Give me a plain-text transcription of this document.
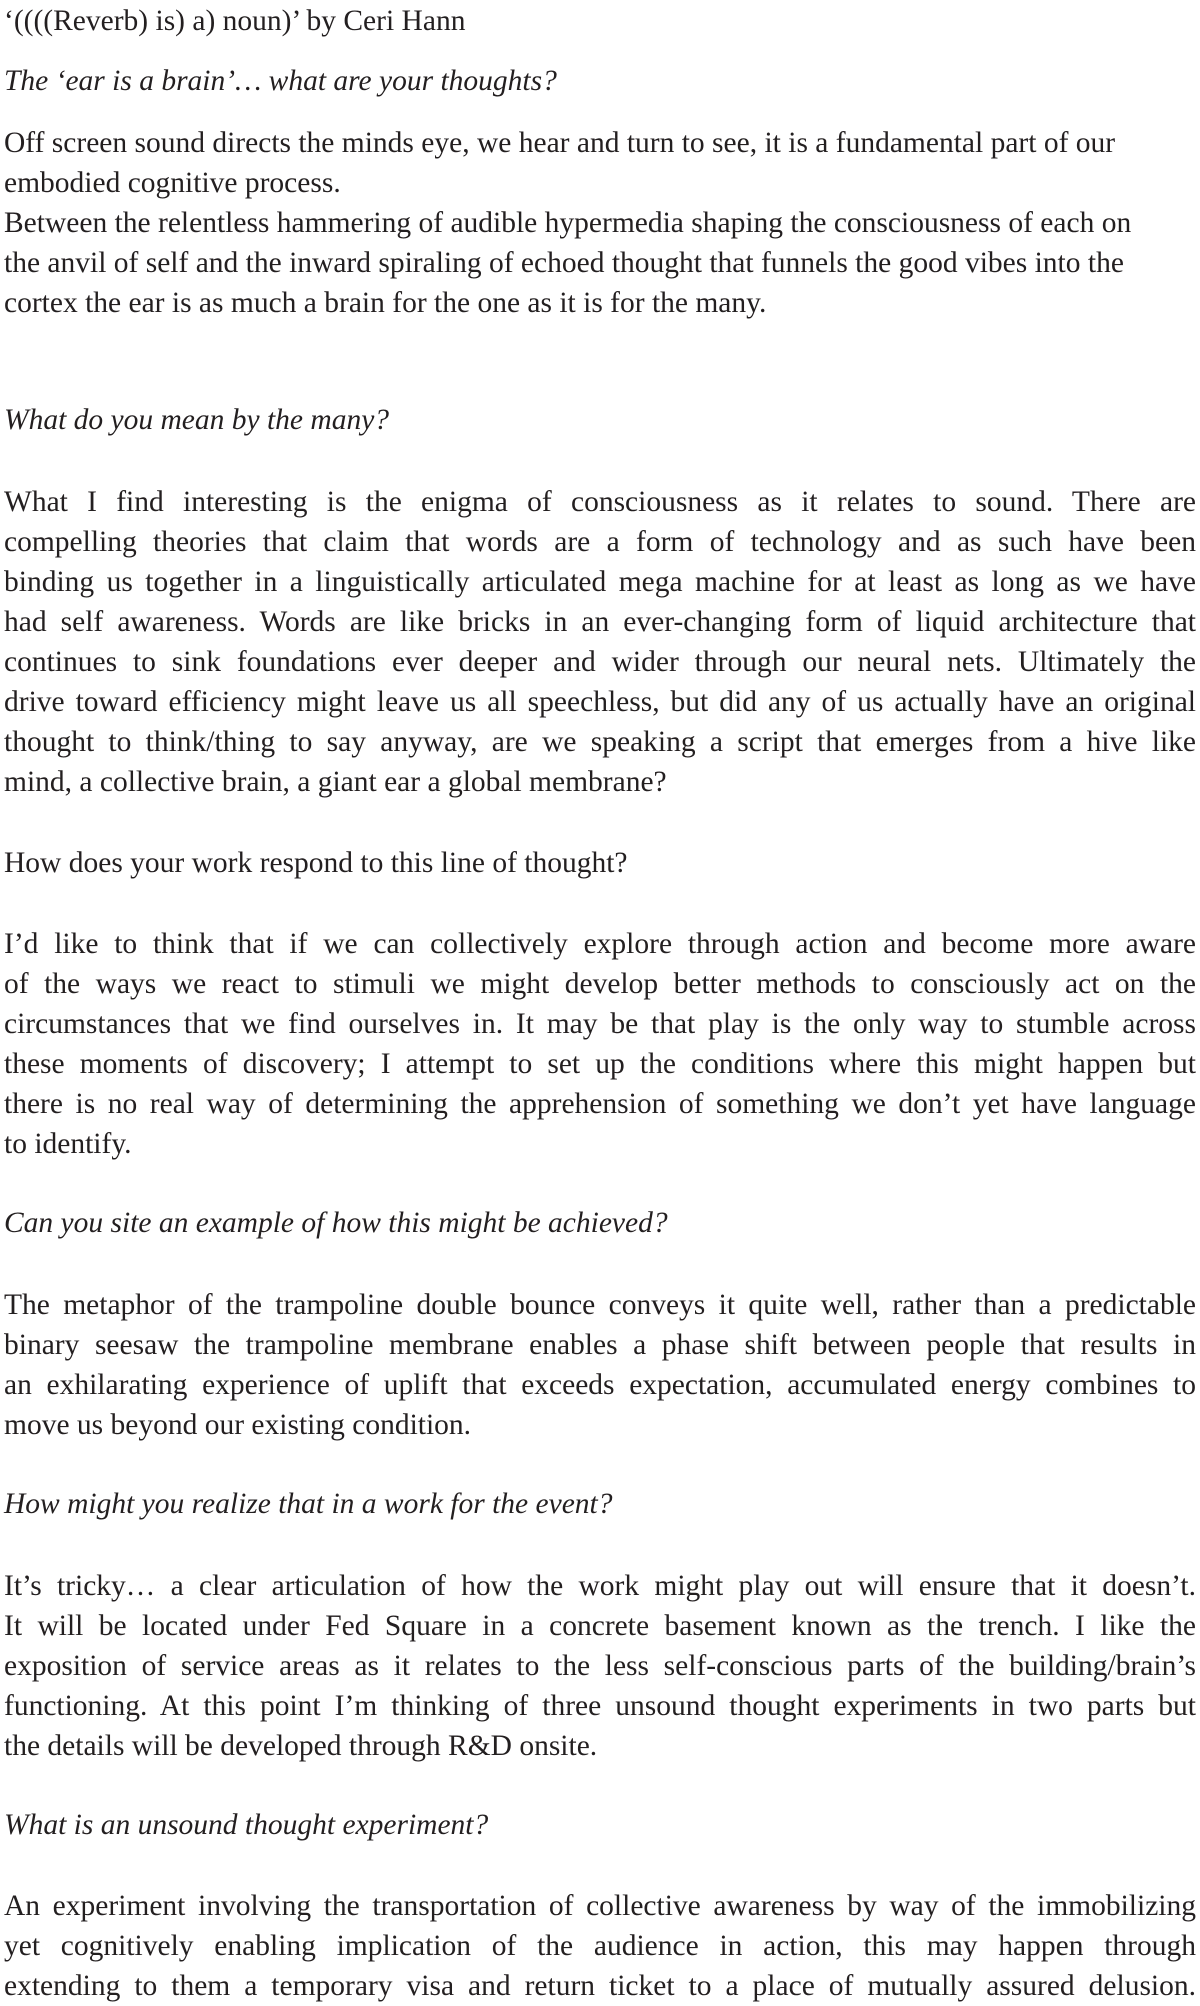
‘((((Reverb) is) a) noun)’ by Ceri Hann

The ‘ear is a brain’… what are your thoughts?

Off screen sound directs the minds eye, we hear and turn to see, it is a fundamental part of our
embodied cognitive process.
Between the relentless hammering of audible hypermedia shaping the consciousness of each on
the anvil of self and the inward spiraling of echoed thought that funnels the good vibes into the
cortex the ear is as much a brain for the one as it is for the many.

What do you mean by the many?

What I find interesting is the enigma of consciousness as it relates to sound. There are
compelling theories that claim that words are a form of technology and as such have been
binding us together in a linguistically articulated mega machine for at least as long as we have
had self awareness. Words are like bricks in an ever-changing form of liquid architecture that
continues to sink foundations ever deeper and wider through our neural nets. Ultimately the
drive toward efficiency might leave us all speechless, but did any of us actually have an original
thought to think/thing to say anyway, are we speaking a script that emerges from a hive like
mind, a collective brain, a giant ear a global membrane?

How does your work respond to this line of thought?

I’d like to think that if we can collectively explore through action and become more aware
of the ways we react to stimuli we might develop better methods to consciously act on the
circumstances that we find ourselves in. It may be that play is the only way to stumble across
these moments of discovery; I attempt to set up the conditions where this might happen but
there is no real way of determining the apprehension of something we don’t yet have language
to identify.

Can you site an example of how this might be achieved?

The metaphor of the trampoline double bounce conveys it quite well, rather than a predictable
binary seesaw the trampoline membrane enables a phase shift between people that results in
an exhilarating experience of uplift that exceeds expectation, accumulated energy combines to
move us beyond our existing condition.

How might you realize that in a work for the event?

It’s tricky… a clear articulation of how the work might play out will ensure that it doesn’t.
It will be located under Fed Square in a concrete basement known as the trench. I like the
exposition of service areas as it relates to the less self-conscious parts of the building/brain’s
functioning. At this point I’m thinking of three unsound thought experiments in two parts but
the details will be developed through R&D onsite.

What is an unsound thought experiment?

An experiment involving the transportation of collective awareness by way of the immobilizing
yet cognitively enabling implication of the audience in action, this may happen through
extending to them a temporary visa and return ticket to a place of mutually assured delusion.
